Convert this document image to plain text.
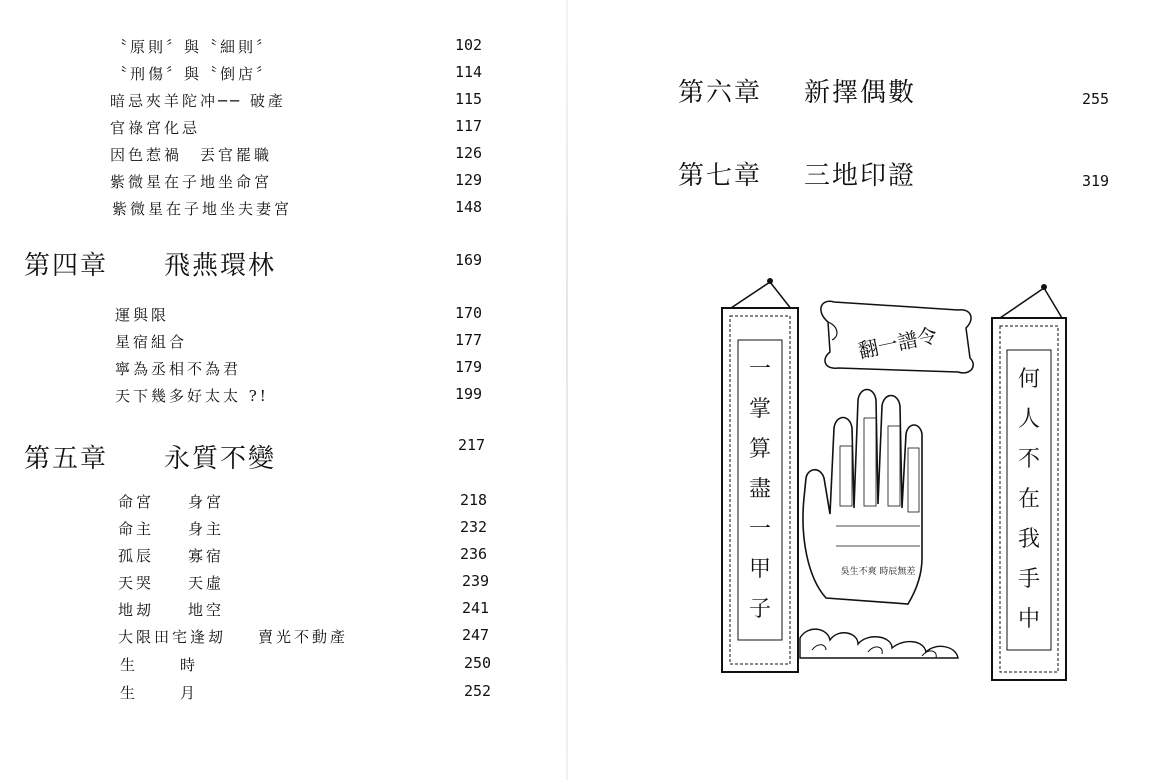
〝原則〞與〝細則〞	102
〝刑傷〞與〝倒店〞	114
暗忌夾羊陀冲── 破產	115
官祿宮化忌	117
因色惹禍　丟官罷職	126
紫微星在子地坐命宮	129
紫微星在子地坐夫妻宮	148
第四章 飛燕環林	169
運與限	170
星宿組合	177
寧為丞相不為君	179
天下幾多好太太 ?!	199
第五章 永質不變	217
命宮 身宮	218
命主 身主	232
孤辰 寡宿	236
天哭 天虛	239
地刼 地空	241
大限田宅逢刼 賣光不動產	247
生	時	250
生	月	252
第六章 新擇偶數	255
第七章 三地印證	319
一
掌
算
盡
一
甲
子
何
人
不
在
我
手
中
翻一譜令
吳生不爽 時辰無差
